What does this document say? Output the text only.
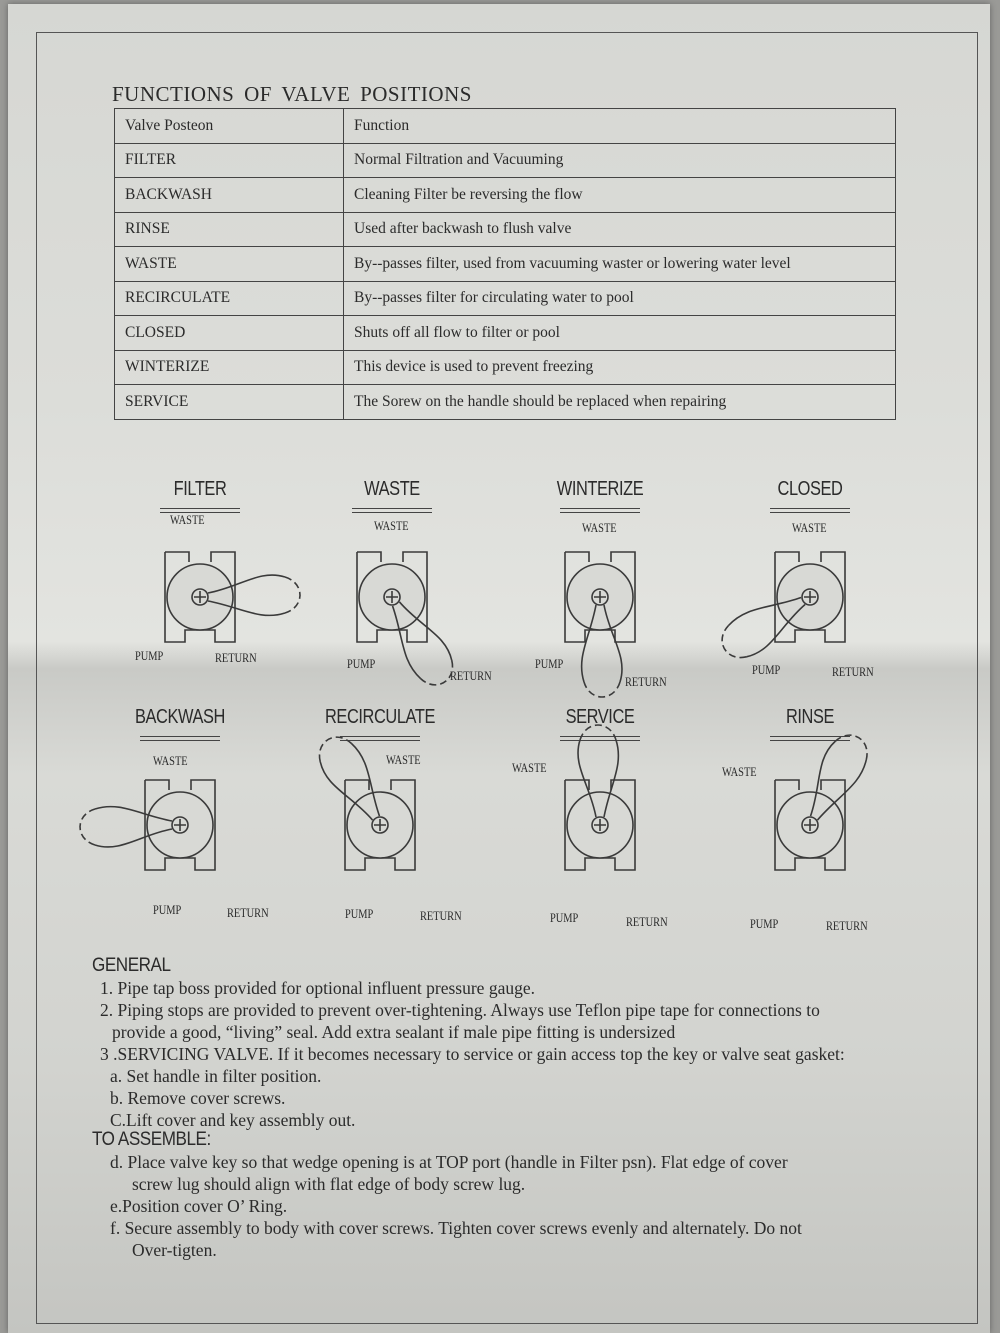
FUNCTIONS OF VALVE POSITIONS
Valve Posteon	Function
FILTER	Normal Filtration and Vacuuming
BACKWASH	Cleaning Filter be reversing the flow
RINSE	Used after backwash to flush valve
WASTE	By--passes filter, used from vacuuming waster or lowering water level
RECIRCULATE	By--passes filter for circulating water to pool
CLOSED	Shuts off all flow to filter or pool
WINTERIZE	This device is used to prevent freezing
SERVICE	The Sorew on the handle should be replaced when repairing
FILTER
WASTE
PUMP	RETURN
WASTE
WASTE
PUMP
RETURN
WINTERIZE
WASTE
PUMP
RETURN
CLOSED
WASTE
PUMP	RETURN
BACKWASH
WASTE
PUMP	RETURN
RECIRCULATE
WASTE
PUMP	RETURN
SERVICE
WASTE
PUMP	RETURN
RINSE
WASTE
PUMP	RETURN
GENERAL
1. Pipe tap boss provided for optional influent pressure gauge.
2. Piping stops are provided to prevent over-tightening. Always use Teflon pipe tape for connections to
provide a good, “living” seal. Add extra sealant if male pipe fitting is undersized
3 .SERVICING VALVE. If it becomes necessary to service or gain access top the key or valve seat gasket:
a. Set handle in filter position.
b. Remove cover screws.
C.Lift cover and key assembly out.
TO ASSEMBLE:
d. Place valve key so that wedge opening is at TOP port (handle in Filter psn). Flat edge of cover
screw lug should align with flat edge of body screw lug.
e.Position cover O’ Ring.
f. Secure assembly to body with cover screws. Tighten cover screws evenly and alternately. Do not
Over-tigten.
